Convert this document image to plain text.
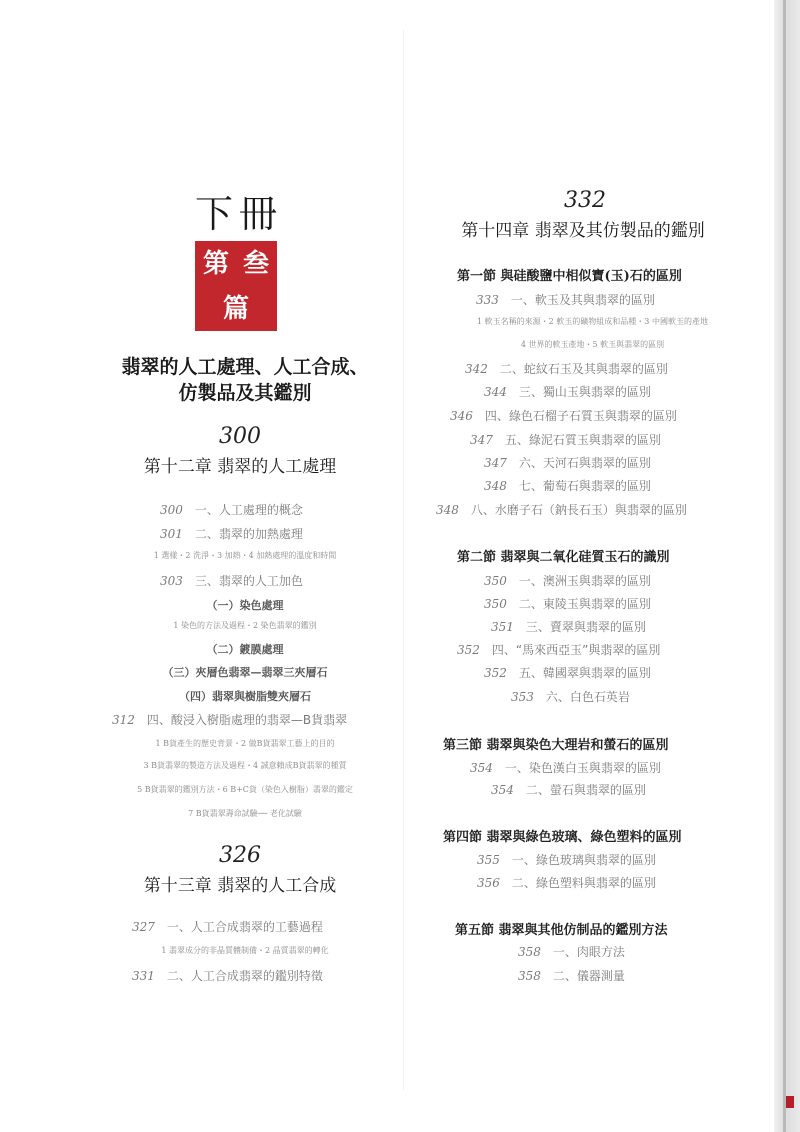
下冊
第 叁
篇
翡翠的人工處理、人工合成、
仿製品及其鑑別
300
第十二章 翡翠的人工處理
300 一、人工處理的概念
301 二、翡翠的加熱處理
1 選樣・2 洗淨・3 加熱・4 加熱處理的溫度和時間
303 三、翡翠的人工加色
（一）染色處理
1 染色的方法及過程・2 染色翡翠的鑑別
（二）鍍膜處理
（三）夾層色翡翠—翡翠三夾層石
（四）翡翠與樹脂雙夾層石
312 四、酸浸入樹脂處理的翡翠—B貨翡翠
1 B貨產生的歷史背景・2 做B貨翡翠工藝上的目的
3 B貨翡翠的製造方法及過程・4 誠意賴成B貨翡翠的種質
5 B貨翡翠的鑑別方法・6 B+C貨（染色入樹脂）翡翠的鑑定
7 B貨翡翠壽命試驗── 老化試驗
326
第十三章 翡翠的人工合成
327 一、人工合成翡翠的工藝過程
1 翡翠成分的非晶質體制備・2 晶質翡翠的轉化
331 二、人工合成翡翠的鑑別特徵
332
第十四章 翡翠及其仿製品的鑑別
第一節 與硅酸鹽中相似寶(玉)石的區別
333 一、軟玉及其與翡翠的區別
1 軟玉名稱的來源・2 軟玉的礦物組成和品種・3 中國軟玉的產地
4 世界的軟玉產地・5 軟玉與翡翠的區別
342 二、蛇紋石玉及其與翡翠的區別
344 三、獨山玉與翡翠的區別
346 四、綠色石榴子石質玉與翡翠的區別
347 五、綠泥石質玉與翡翠的區別
347 六、天河石與翡翠的區別
348 七、葡萄石與翡翠的區別
348 八、水磨子石（鈉長石玉）與翡翠的區別
第二節 翡翠與二氧化硅質玉石的識別
350 一、澳洲玉與翡翠的區別
350 二、東陵玉與翡翠的區別
351 三、賣翠與翡翠的區別
352 四、“馬來西亞玉”與翡翠的區別
352 五、韓國翠與翡翠的區別
353 六、白色石英岩
第三節 翡翠與染色大理岩和螢石的區別
354 一、染色漢白玉與翡翠的區別
354 二、螢石與翡翠的區別
第四節 翡翠與綠色玻璃、綠色塑料的區別
355 一、綠色玻璃與翡翠的區別
356 二、綠色塑料與翡翠的區別
第五節 翡翠與其他仿制品的鑑別方法
358 一、肉眼方法
358 二、儀器測量
